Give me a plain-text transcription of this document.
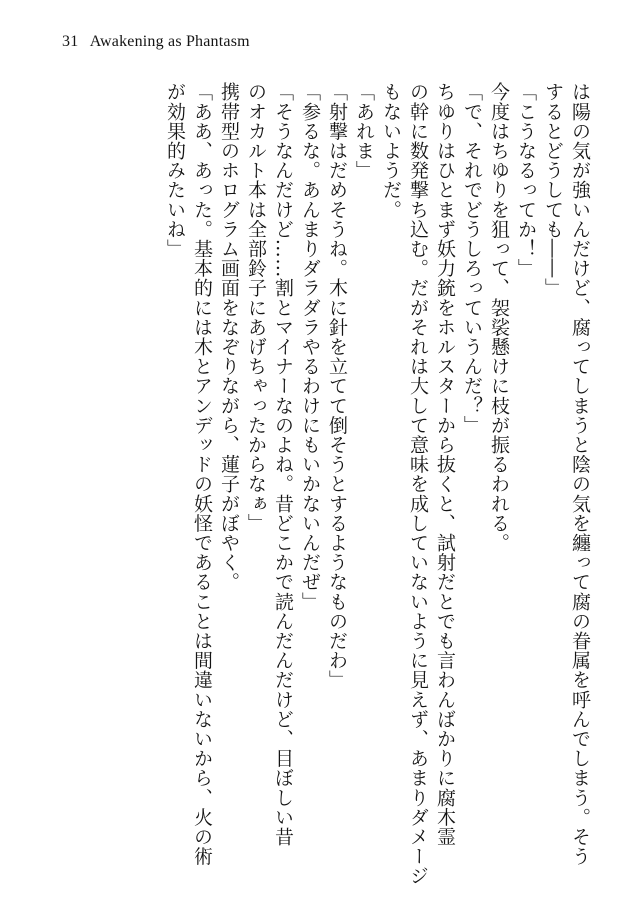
31 Awakening as Phantasm
は陽の気が強いんだけど、腐ってしまうと陰の気を纏って腐の眷属を呼んでしまう。そう
するとどうしても――」
「こうなるってか！」
今度はちゆりを狙って、袈裟懸けに枝が振るわれる。
「で、それでどうしろっていうんだ？」
ちゆりはひとまず妖力銃をホルスターから抜くと、試射だとでも言わんばかりに腐木霊
の幹に数発撃ち込む。だがそれは大して意味を成していないように見えず、あまりダメージ
もないようだ。
「あれま」
「射撃はだめそうね。木に針を立てて倒そうとするようなものだわ」
「参るな。あんまりダラダラやるわけにもいかないんだぜ」
「そうなんだけど……割とマイナーなのよね。昔どこかで読んだんだけど、目ぼしい昔
のオカルト本は全部鈴子にあげちゃったからなぁ」
携帯型のホログラム画面をなぞりながら、蓮子がぼやく。
「ああ、あった。基本的には木とアンデッドの妖怪であることは間違いないから、火の術
が効果的みたいね」
